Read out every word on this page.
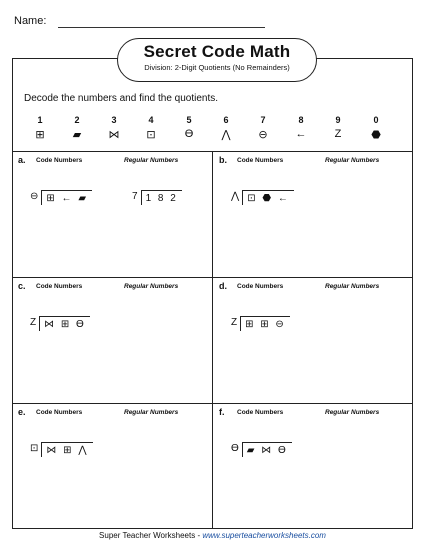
Name:
Secret Code Math
Division: 2-Digit Quotients (No Remainders)
Decode the numbers and find the quotients.
1	2	3	4	5	6	7	8	9	0
⊞	▰	⋈	⊡	ϴ	⋀	⊖	←	Z	⬣
a. Code Numbers	Regular Numbers
⊖ ⊞ ← ▰	7 1 8 2
b. Code Numbers	Regular Numbers
⋀ ⊡ ⬣ ←
c. Code Numbers	Regular Numbers
Z ⋈ ⊞ ϴ
d. Code Numbers	Regular Numbers
Z ⊞ ⊞ ⊖
e. Code Numbers	Regular Numbers
⊡ ⋈ ⊞ ⋀
f. Code Numbers	Regular Numbers
ϴ ▰ ⋈ ϴ
Super Teacher Worksheets - www.superteacherworksheets.com
